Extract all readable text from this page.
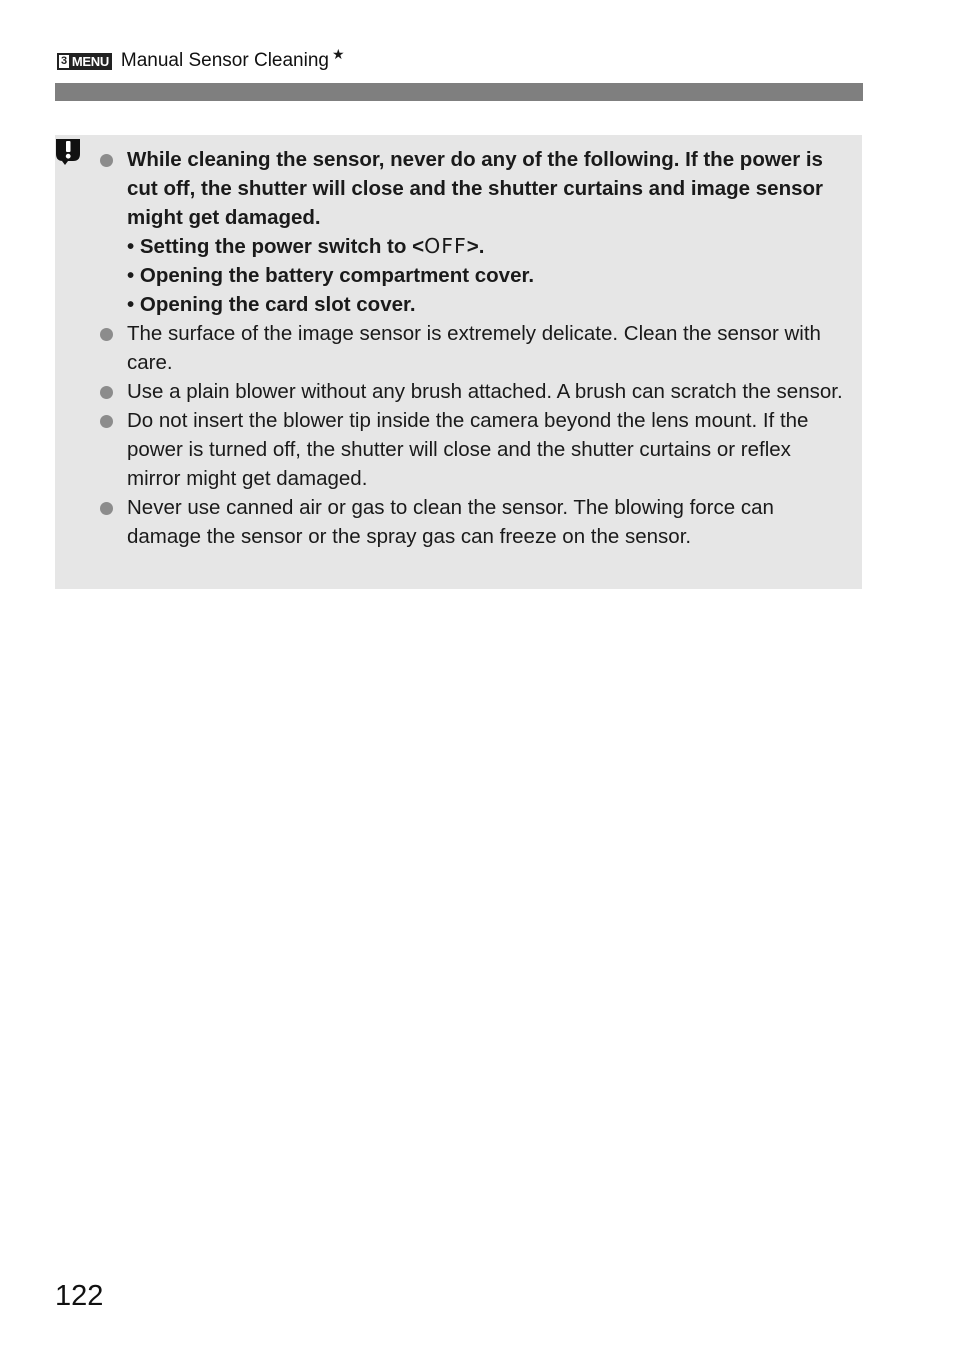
3 MENU Manual Sensor Cleaning ★
While cleaning the sensor, never do any of the following. If the power is cut off, the shutter will close and the shutter curtains and image sensor might get damaged.
• Setting the power switch to <OFF>.
• Opening the battery compartment cover.
• Opening the card slot cover.
The surface of the image sensor is extremely delicate. Clean the sensor with care.
Use a plain blower without any brush attached. A brush can scratch the sensor.
Do not insert the blower tip inside the camera beyond the lens mount. If the power is turned off, the shutter will close and the shutter curtains or reflex mirror might get damaged.
Never use canned air or gas to clean the sensor. The blowing force can damage the sensor or the spray gas can freeze on the sensor.
122
